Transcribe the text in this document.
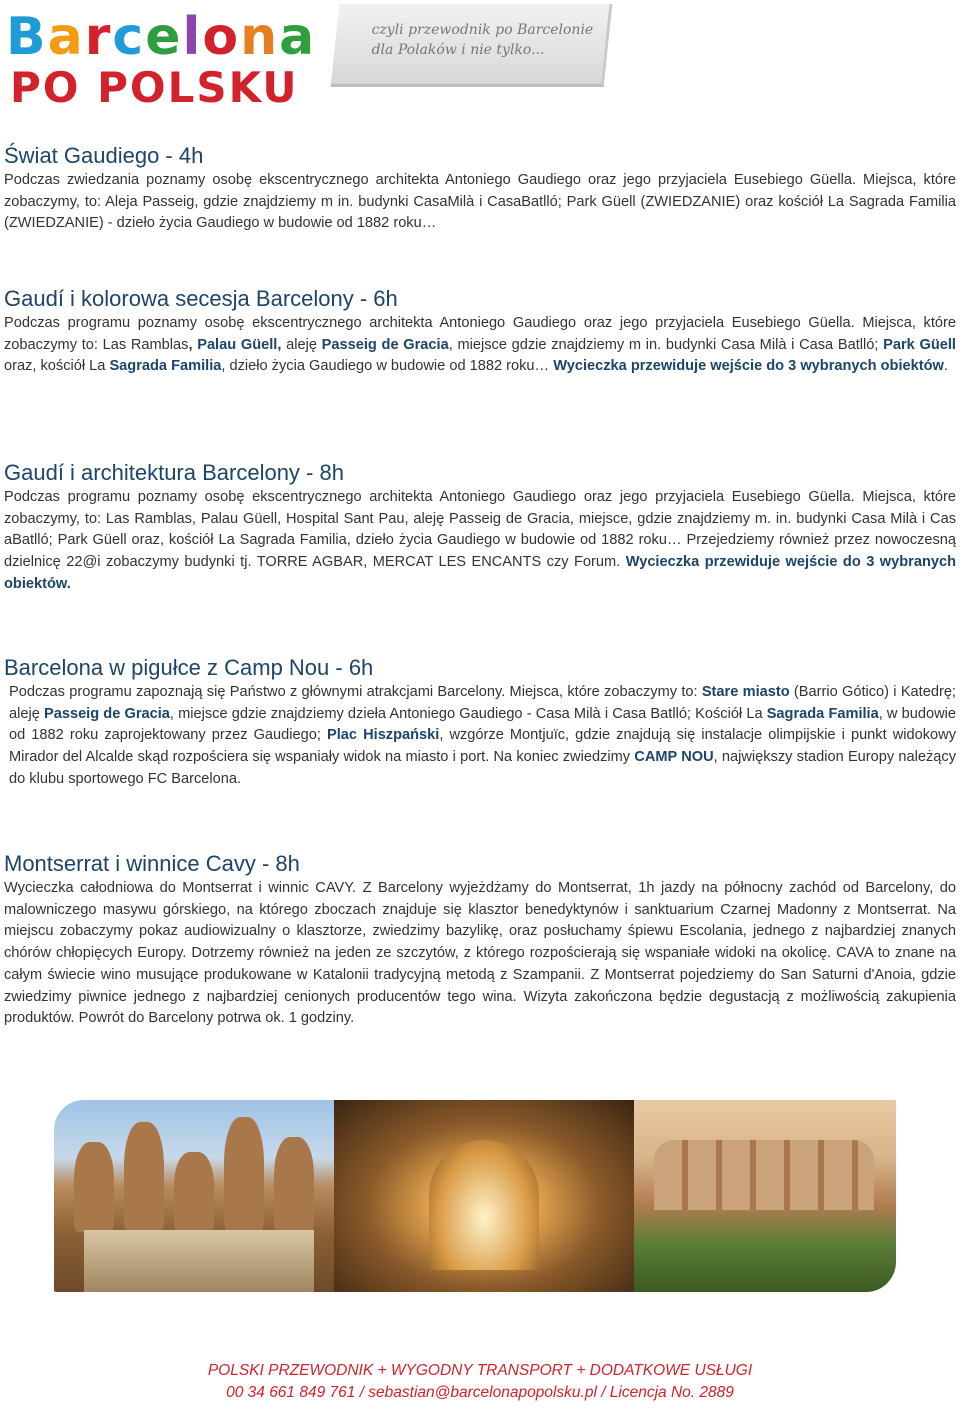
B a r c e l o n a
PO POLSKU
czyli przewodnik po Barcelonie
dla Polaków i nie tylko...
Świat Gaudiego - 4h

Podczas zwiedzania poznamy osobę ekscentrycznego architekta Antoniego Gaudiego oraz jego przyjaciela Eusebiego Güella. Miejsca, które zobaczymy, to: Aleja Passeig, gdzie znajdziemy m in. budynki CasaMilà i CasaBatlló; Park Güell (ZWIEDZANIE) oraz kościół La Sagrada Familia (ZWIEDZANIE) - dzieło życia Gaudiego w budowie od 1882 roku…

Gaudí i kolorowa secesja Barcelony - 6h

Podczas programu poznamy osobę ekscentrycznego architekta Antoniego Gaudiego oraz jego przyjaciela Eusebiego Güella. Miejsca, które zobaczymy to: Las Ramblas, Palau Güell, aleję Passeig de Gracia, miejsce gdzie znajdziemy m in. budynki Casa Milà i Casa Batlló; Park Güell oraz, kościół La Sagrada Familia, dzieło życia Gaudiego w budowie od 1882 roku… Wycieczka przewiduje wejście do 3 wybranych obiektów.

Gaudí i architektura Barcelony - 8h

Podczas programu poznamy osobę ekscentrycznego architekta Antoniego Gaudiego oraz jego przyjaciela Eusebiego Güella. Miejsca, które zobaczymy, to: Las Ramblas, Palau Güell, Hospital Sant Pau, aleję Passeig de Gracia, miejsce, gdzie znajdziemy m. in. budynki Casa Milà i Cas aBatlló; Park Güell oraz, kościół La Sagrada Familia, dzieło życia Gaudiego w budowie od 1882 roku… Przejedziemy również przez nowoczesną dzielnicę 22@i zobaczymy budynki tj. TORRE AGBAR, MERCAT LES ENCANTS czy Forum. Wycieczka przewiduje wejście do 3 wybranych obiektów.

Barcelona w pigułce z Camp Nou - 6h

Podczas programu zapoznają się Państwo z głównymi atrakcjami Barcelony. Miejsca, które zobaczymy to: Stare miasto (Barrio Gótico) i Katedrę; aleję Passeig de Gracia, miejsce gdzie znajdziemy dzieła Antoniego Gaudiego - Casa Milà i Casa Batlló; Kościół La Sagrada Familia, w budowie od 1882 roku zaprojektowany przez Gaudiego; Plac Hiszpański, wzgórze Montjuïc, gdzie znajdują się instalacje olimpijskie i punkt widokowy Mirador del Alcalde skąd rozpościera się wspaniały widok na miasto i port. Na koniec zwiedzimy CAMP NOU, największy stadion Europy należący do klubu sportowego FC Barcelona.

Montserrat i winnice Cavy - 8h

Wycieczka całodniowa do Montserrat i winnic CAVY. Z Barcelony wyjeżdżamy do Montserrat, 1h jazdy na północny zachód od Barcelony, do malowniczego masywu górskiego, na którego zboczach znajduje się klasztor benedyktynów i sanktuarium Czarnej Madonny z Montserrat. Na miejscu zobaczymy pokaz audiowizualny o klasztorze, zwiedzimy bazylikę, oraz posłuchamy śpiewu Escolania, jednego z najbardziej znanych chórów chłopięcych Europy. Dotrzemy również na jeden ze szczytów, z którego rozpościerają się wspaniałe widoki na okolicę. CAVA to znane na całym świecie wino musujące produkowane w Katalonii tradycyjną metodą z Szampanii. Z Montserrat pojedziemy do San Saturni d'Anoia, gdzie zwiedzimy piwnice jednego z najbardziej cenionych producentów tego wina. Wizyta zakończona będzie degustacją z możliwością zakupienia produktów. Powrót do Barcelony potrwa ok. 1 godziny.

POLSKI PRZEWODNIK + WYGODNY TRANSPORT + DODATKOWE USŁUGI
00 34 661 849 761 / sebastian@barcelonapopolsku.pl / Licencja No. 2889
